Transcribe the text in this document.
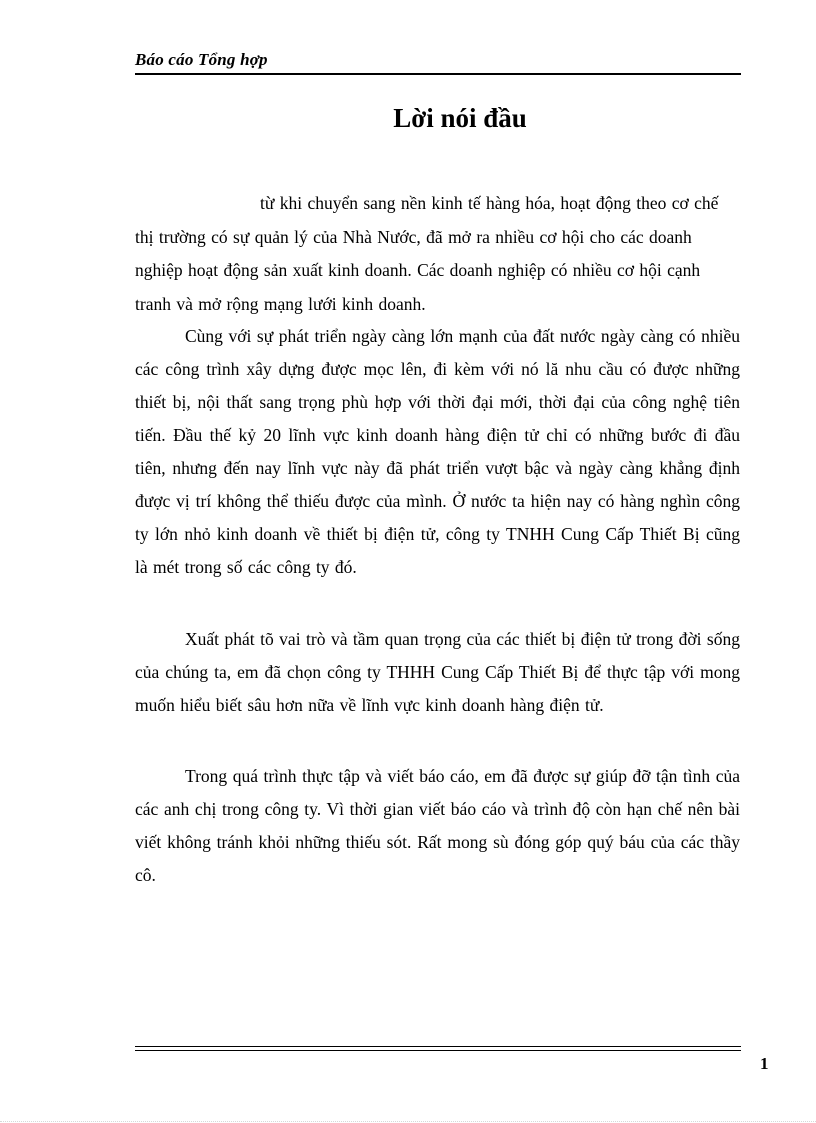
Báo cáo Tổng hợp
Lời nói đầu

từ khi chuyển sang nền kinh tế hàng hóa, hoạt động theo cơ chế thị trường có sự quản lý của Nhà Nước, đã mở ra nhiều cơ hội cho các doanh nghiệp hoạt động sản xuất kinh doanh. Các doanh nghiệp có nhiều cơ hội cạnh tranh và mở rộng mạng lưới kinh doanh.

Cùng với sự phát triển ngày càng lớn mạnh của đất nước ngày càng có nhiều các công trình xây dựng được mọc lên, đi kèm với nó lă nhu cầu có được những thiết bị, nội thất sang trọng phù hợp với thời đại mới, thời đại của công nghệ tiên tiến. Đầu thế kỷ 20 lĩnh vực kinh doanh hàng điện tử chỉ có những bước đi đầu tiên, nhưng đến nay lĩnh vực này đã phát triển vượt bậc và ngày càng khẳng định được vị trí không thể thiếu được của mình. Ở nước ta hiện nay có hàng nghìn công ty lớn nhỏ kinh doanh về thiết bị điện tử, công ty TNHH Cung Cấp Thiết Bị cũng là mét trong số các công ty đó.

Xuất phát tõ vai trò và tầm quan trọng của các thiết bị điện tử trong đời sống của chúng ta, em đã chọn công ty THHH Cung Cấp Thiết Bị để thực tập với mong muốn hiểu biết sâu hơn nữa về lĩnh vực kinh doanh hàng điện tử.

Trong quá trình thực tập và viết báo cáo, em đã được sự giúp đỡ tận tình của các anh chị trong công ty. Vì thời gian viết báo cáo và trình độ còn hạn chế nên bài viết không tránh khỏi những thiếu sót. Rất mong sù đóng góp quý báu của các thầy cô.

1
